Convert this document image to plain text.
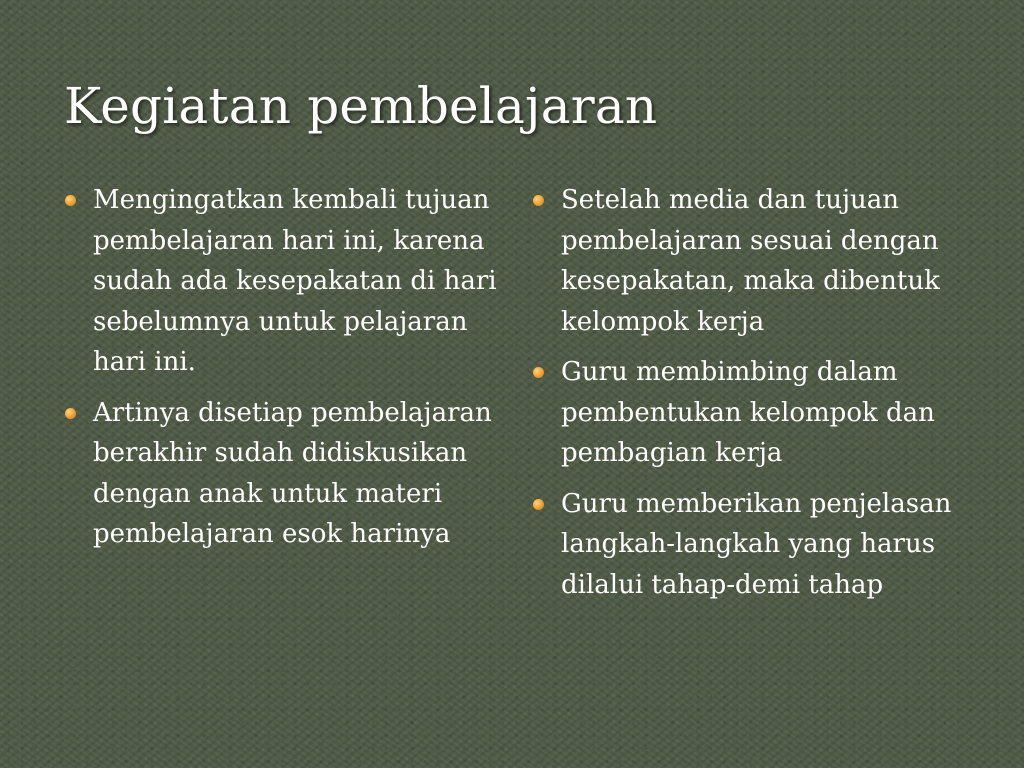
Kegiatan pembelajaran
Mengingatkan kembali tujuan pembelajaran hari ini, karena sudah ada kesepakatan di hari sebelumnya untuk pelajaran hari ini.
Artinya disetiap pembelajaran berakhir sudah didiskusikan dengan anak untuk materi pembelajaran esok harinya
Setelah media dan tujuan pembelajaran sesuai dengan kesepakatan, maka dibentuk kelompok kerja
Guru membimbing dalam pembentukan kelompok dan pembagian kerja
Guru memberikan penjelasan langkah-langkah yang harus dilalui tahap-demi tahap
